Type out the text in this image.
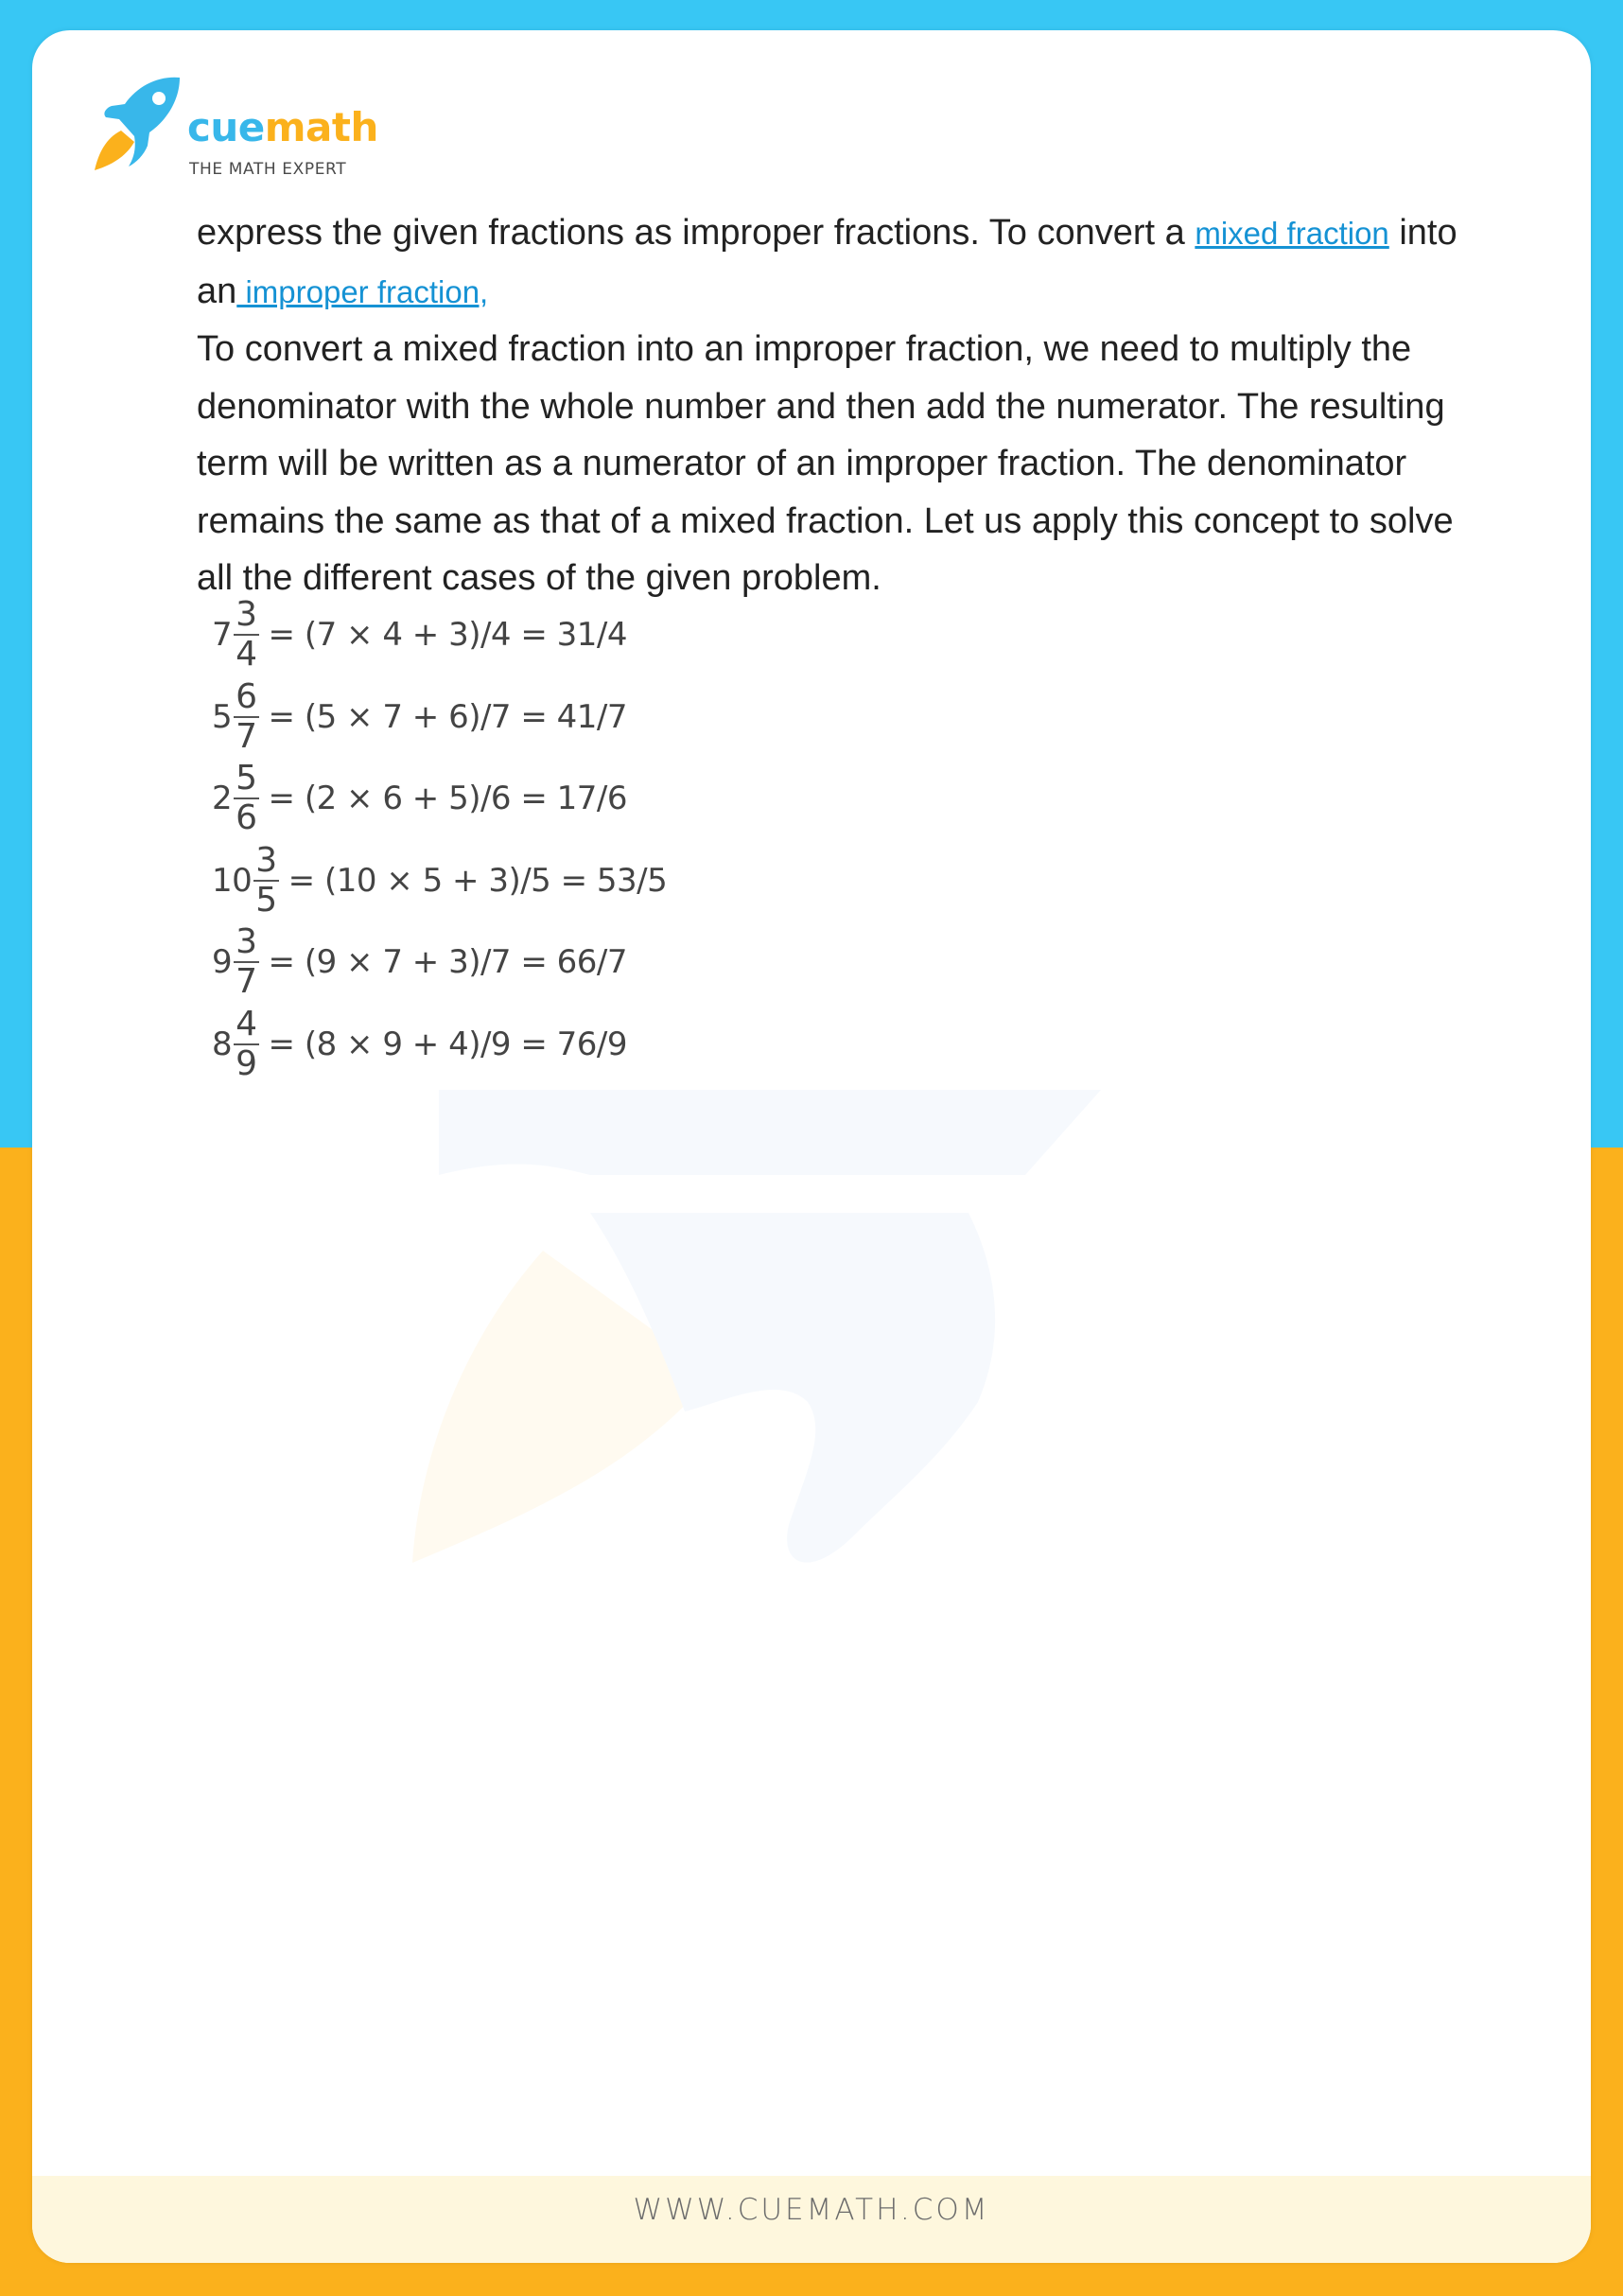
cuemath
THE MATH EXPERT

express the given fractions as improper fractions. To convert a mixed fraction into an improper fraction,

To convert a mixed fraction into an improper fraction, we need to multiply the denominator with the whole number and then add the numerator. The resulting term will be written as a numerator of an improper fraction. The denominator remains the same as that of a mixed fraction. Let us apply this concept to solve all the different cases of the given problem.

$7 \frac{3}{4} = (7 \times 4 + 3)/4 = 31/4$
$5 \frac{6}{7} = (5 \times 7 + 6)/7 = 41/7$
$2 \frac{5}{6} = (2 \times 6 + 5)/6 = 17/6$
$10 \frac{3}{5} = (10 \times 5 + 3)/5 = 53/5$
$9 \frac{3}{7} = (9 \times 7 + 3)/7 = 66/7$
$8 \frac{4}{9} = (8 \times 9 + 4)/9 = 76/9$
WWW.CUEMATH.COM
